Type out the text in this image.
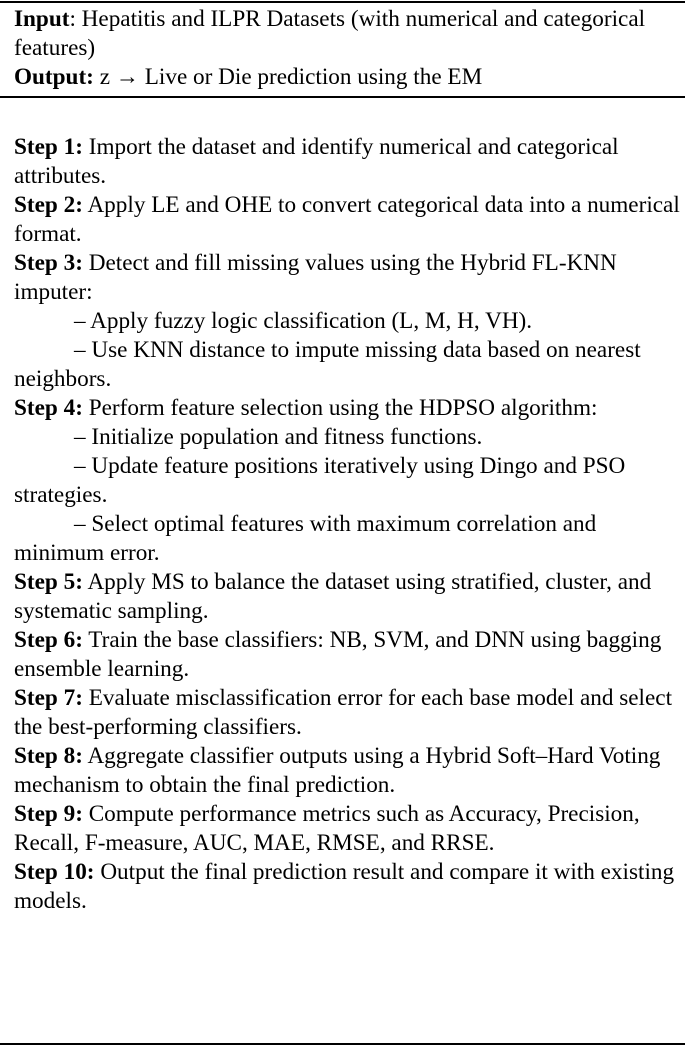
Input: Hepatitis and ILPR Datasets (with numerical and categorical features)

Output: z → Live or Die prediction using the EM

Step 1: Import the dataset and identify numerical and categorical attributes.

Step 2: Apply LE and OHE to convert categorical data into a numerical format.

Step 3: Detect and fill missing values using the Hybrid FL-KNN imputer:

– Apply fuzzy logic classification (L, M, H, VH).

– Use KNN distance to impute missing data based on nearest neighbors.

Step 4: Perform feature selection using the HDPSO algorithm:

– Initialize population and fitness functions.

– Update feature positions iteratively using Dingo and PSO strategies.

– Select optimal features with maximum correlation and minimum error.

Step 5: Apply MS to balance the dataset using stratified, cluster, and systematic sampling.

Step 6: Train the base classifiers: NB, SVM, and DNN using bagging ensemble learning.

Step 7: Evaluate misclassification error for each base model and select the best-performing classifiers.

Step 8: Aggregate classifier outputs using a Hybrid Soft–Hard Voting mechanism to obtain the final prediction.

Step 9: Compute performance metrics such as Accuracy, Precision, Recall, F-measure, AUC, MAE, RMSE, and RRSE.

Step 10: Output the final prediction result and compare it with existing models.
